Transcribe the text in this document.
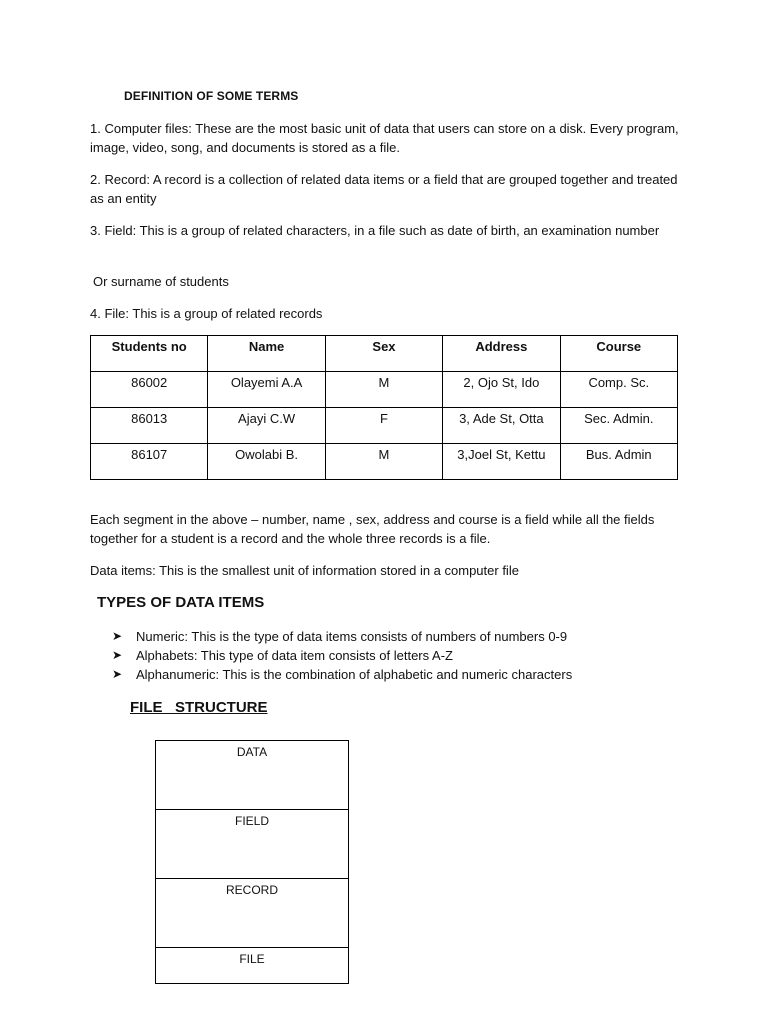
DEFINITION OF SOME TERMS
1. Computer files: These are the most basic unit of data that users can store on a disk. Every program, image, video, song, and documents is stored as a file.
2. Record: A record is a collection of related data items or a field that are grouped together and treated as an entity
3. Field: This is a group of related characters, in a file such as date of birth, an examination number
Or surname of students
4. File: This is a group of related records
Students no	Name	Sex	Address	Course
86002	Olayemi A.A	M	2, Ojo St, Ido	Comp. Sc.
86013	Ajayi C.W	F	3, Ade St, Otta	Sec. Admin.
86107	Owolabi B.	M	3,Joel St, Kettu	Bus. Admin
Each segment in the above – number, name , sex, address and course is a field while all the fields together for a student is a record and the whole three records is a file.
Data items: This is the smallest unit of information stored in a computer file
TYPES OF DATA ITEMS
➤	Numeric: This is the type of data items consists of numbers of numbers 0-9
➤	Alphabets: This type of data item consists of letters A-Z
➤	Alphanumeric: This is the combination of alphabetic and numeric characters
FILE   STRUCTURE
DATA
FIELD
RECORD
FILE
